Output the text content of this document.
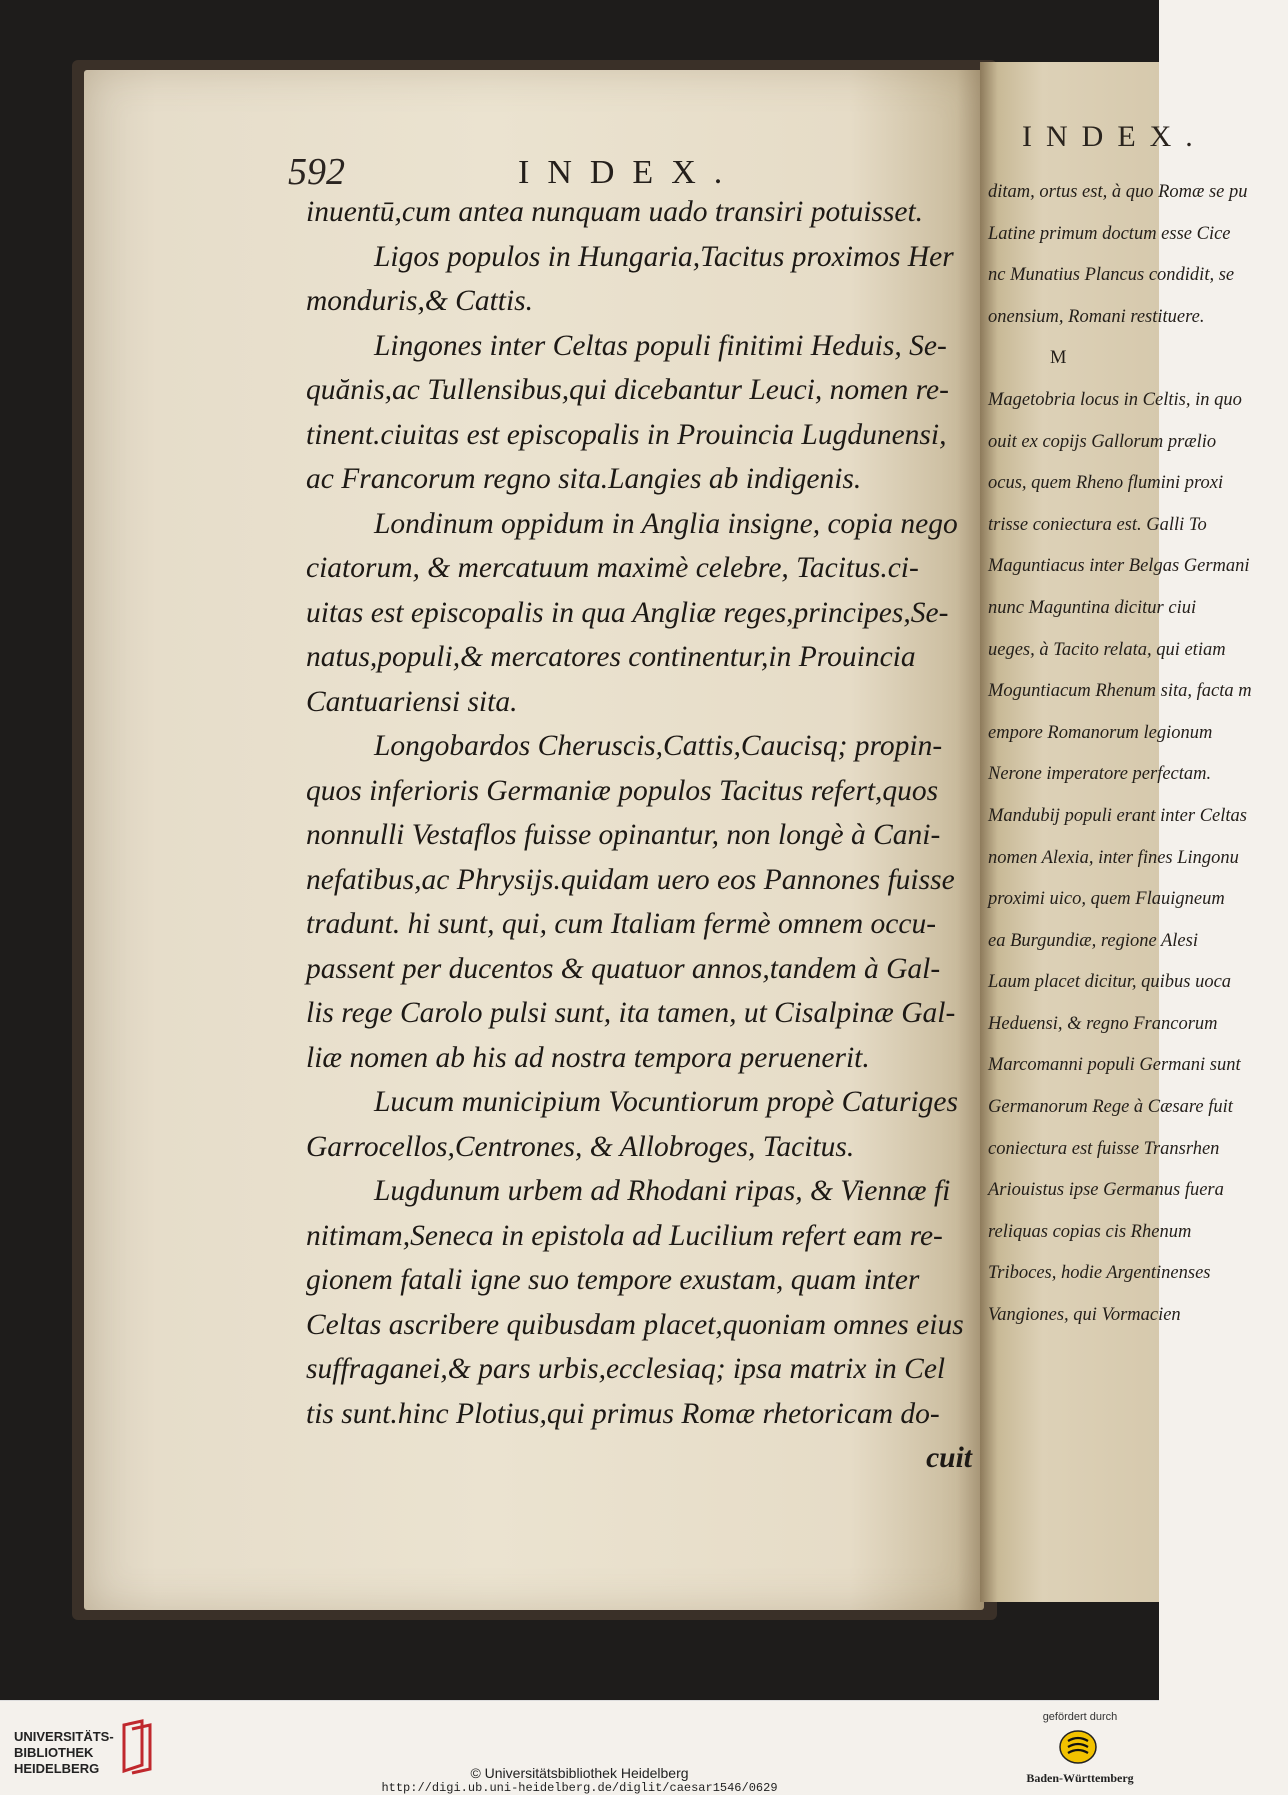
592	INDEX.
inuentū,cum antea nunquam uado transiri potuisset.
Ligos populos in Hungaria,Tacitus proximos Her
monduris,& Cattis.
Lingones inter Celtas populi finitimi Heduis, Se-
quănis,ac Tullensibus,qui dicebantur Leuci, nomen re-
tinent.ciuitas est episcopalis in Prouincia Lugdunensi,
ac Francorum regno sita.Langies ab indigenis.
Londinum oppidum in Anglia insigne, copia nego
ciatorum, & mercatuum maximè celebre, Tacitus.ci-
uitas est episcopalis in qua Angliæ reges,principes,Se-
natus,populi,& mercatores continentur,in Prouincia
Cantuariensi sita.
Longobardos Cheruscis,Cattis,Caucisq; propin-
quos inferioris Germaniæ populos Tacitus refert,quos
nonnulli Vestaflos fuisse opinantur, non longè à Cani-
nefatibus,ac Phrysijs.quidam uero eos Pannones fuisse
tradunt. hi sunt, qui, cum Italiam fermè omnem occu-
passent per ducentos & quatuor annos,tandem à Gal-
lis rege Carolo pulsi sunt, ita tamen, ut Cisalpinæ Gal-
liæ nomen ab his ad nostra tempora peruenerit.
Lucum municipium Vocuntiorum propè Caturiges
Garrocellos,Centrones, & Allobroges, Tacitus.
Lugdunum urbem ad Rhodani ripas, & Viennæ fi
nitimam,Seneca in epistola ad Lucilium refert eam re-
gionem fatali igne suo tempore exustam, quam inter
Celtas ascribere quibusdam placet,quoniam omnes eius
suffraganei,& pars urbis,ecclesiaq; ipsa matrix in Cel
tis sunt.hinc Plotius,qui primus Romæ rhetoricam do-
cuit
INDEX.
ditam, ortus est, à quo Romæ se pu
Latine primum doctum esse Cice
nc Munatius Plancus condidit, se
onensium, Romani restituere.
M
Magetobria locus in Celtis, in quo
ouit ex copijs Gallorum prælio
ocus, quem Rheno flumini proxi
trisse coniectura est. Galli To
Maguntiacus inter Belgas Germani
nunc Maguntina dicitur ciui
ueges, à Tacito relata, qui etiam
Moguntiacum Rhenum sita, facta m
empore Romanorum legionum
Nerone imperatore perfectam.
Mandubij populi erant inter Celtas
nomen Alexia, inter fines Lingonu
proximi uico, quem Flauigneum
ea Burgundiæ, regione Alesi
Laum placet dicitur, quibus uoca
Heduensi, & regno Francorum
Marcomanni populi Germani sunt
Germanorum Rege à Cæsare fuit
coniectura est fuisse Transrhen
Ariouistus ipse Germanus fuera
reliquas copias cis Rhenum
Triboces, hodie Argentinenses
Vangiones, qui Vormacien
UNIVERSITÄTS-
BIBLIOTHEK
HEIDELBERG	© Universitätsbibliothek Heidelberg
http://digi.ub.uni-heidelberg.de/diglit/caesar1546/0629
gefördert durch
Baden-Württemberg
